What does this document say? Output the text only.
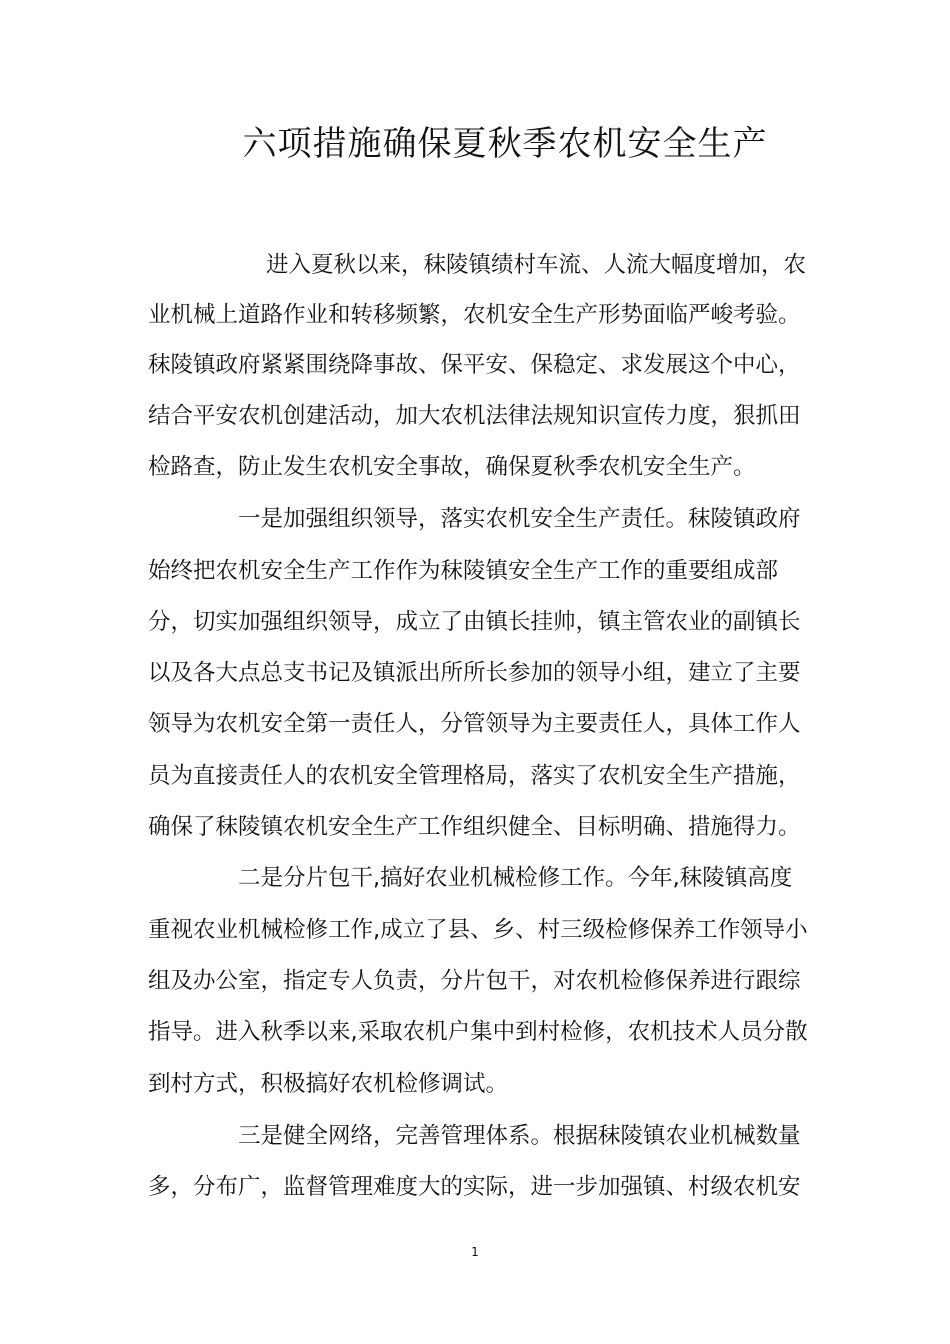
六项措施确保夏秋季农机安全生产
进入夏秋以来，秣陵镇绩村车流、人流大幅度增加，农
业机械上道路作业和转移频繁，农机安全生产形势面临严峻考验。
秣陵镇政府紧紧围绕降事故、保平安、保稳定、求发展这个中心，
结合平安农机创建活动，加大农机法律法规知识宣传力度，狠抓田
检路查，防止发生农机安全事故，确保夏秋季农机安全生产。
一是加强组织领导，落实农机安全生产责任。秣陵镇政府
始终把农机安全生产工作作为秣陵镇安全生产工作的重要组成部
分，切实加强组织领导，成立了由镇长挂帅，镇主管农业的副镇长
以及各大点总支书记及镇派出所所长参加的领导小组，建立了主要
领导为农机安全第一责任人，分管领导为主要责任人，具体工作人
员为直接责任人的农机安全管理格局，落实了农机安全生产措施，
确保了秣陵镇农机安全生产工作组织健全、目标明确、措施得力。
二是分片包干,搞好农业机械检修工作。今年,秣陵镇高度
重视农业机械检修工作,成立了县、乡、村三级检修保养工作领导小
组及办公室，指定专人负责，分片包干，对农机检修保养进行跟综
指导。进入秋季以来,采取农机户集中到村检修，农机技术人员分散
到村方式，积极搞好农机检修调试。
三是健全网络，完善管理体系。根据秣陵镇农业机械数量
多，分布广，监督管理难度大的实际，进一步加强镇、村级农机安
1
